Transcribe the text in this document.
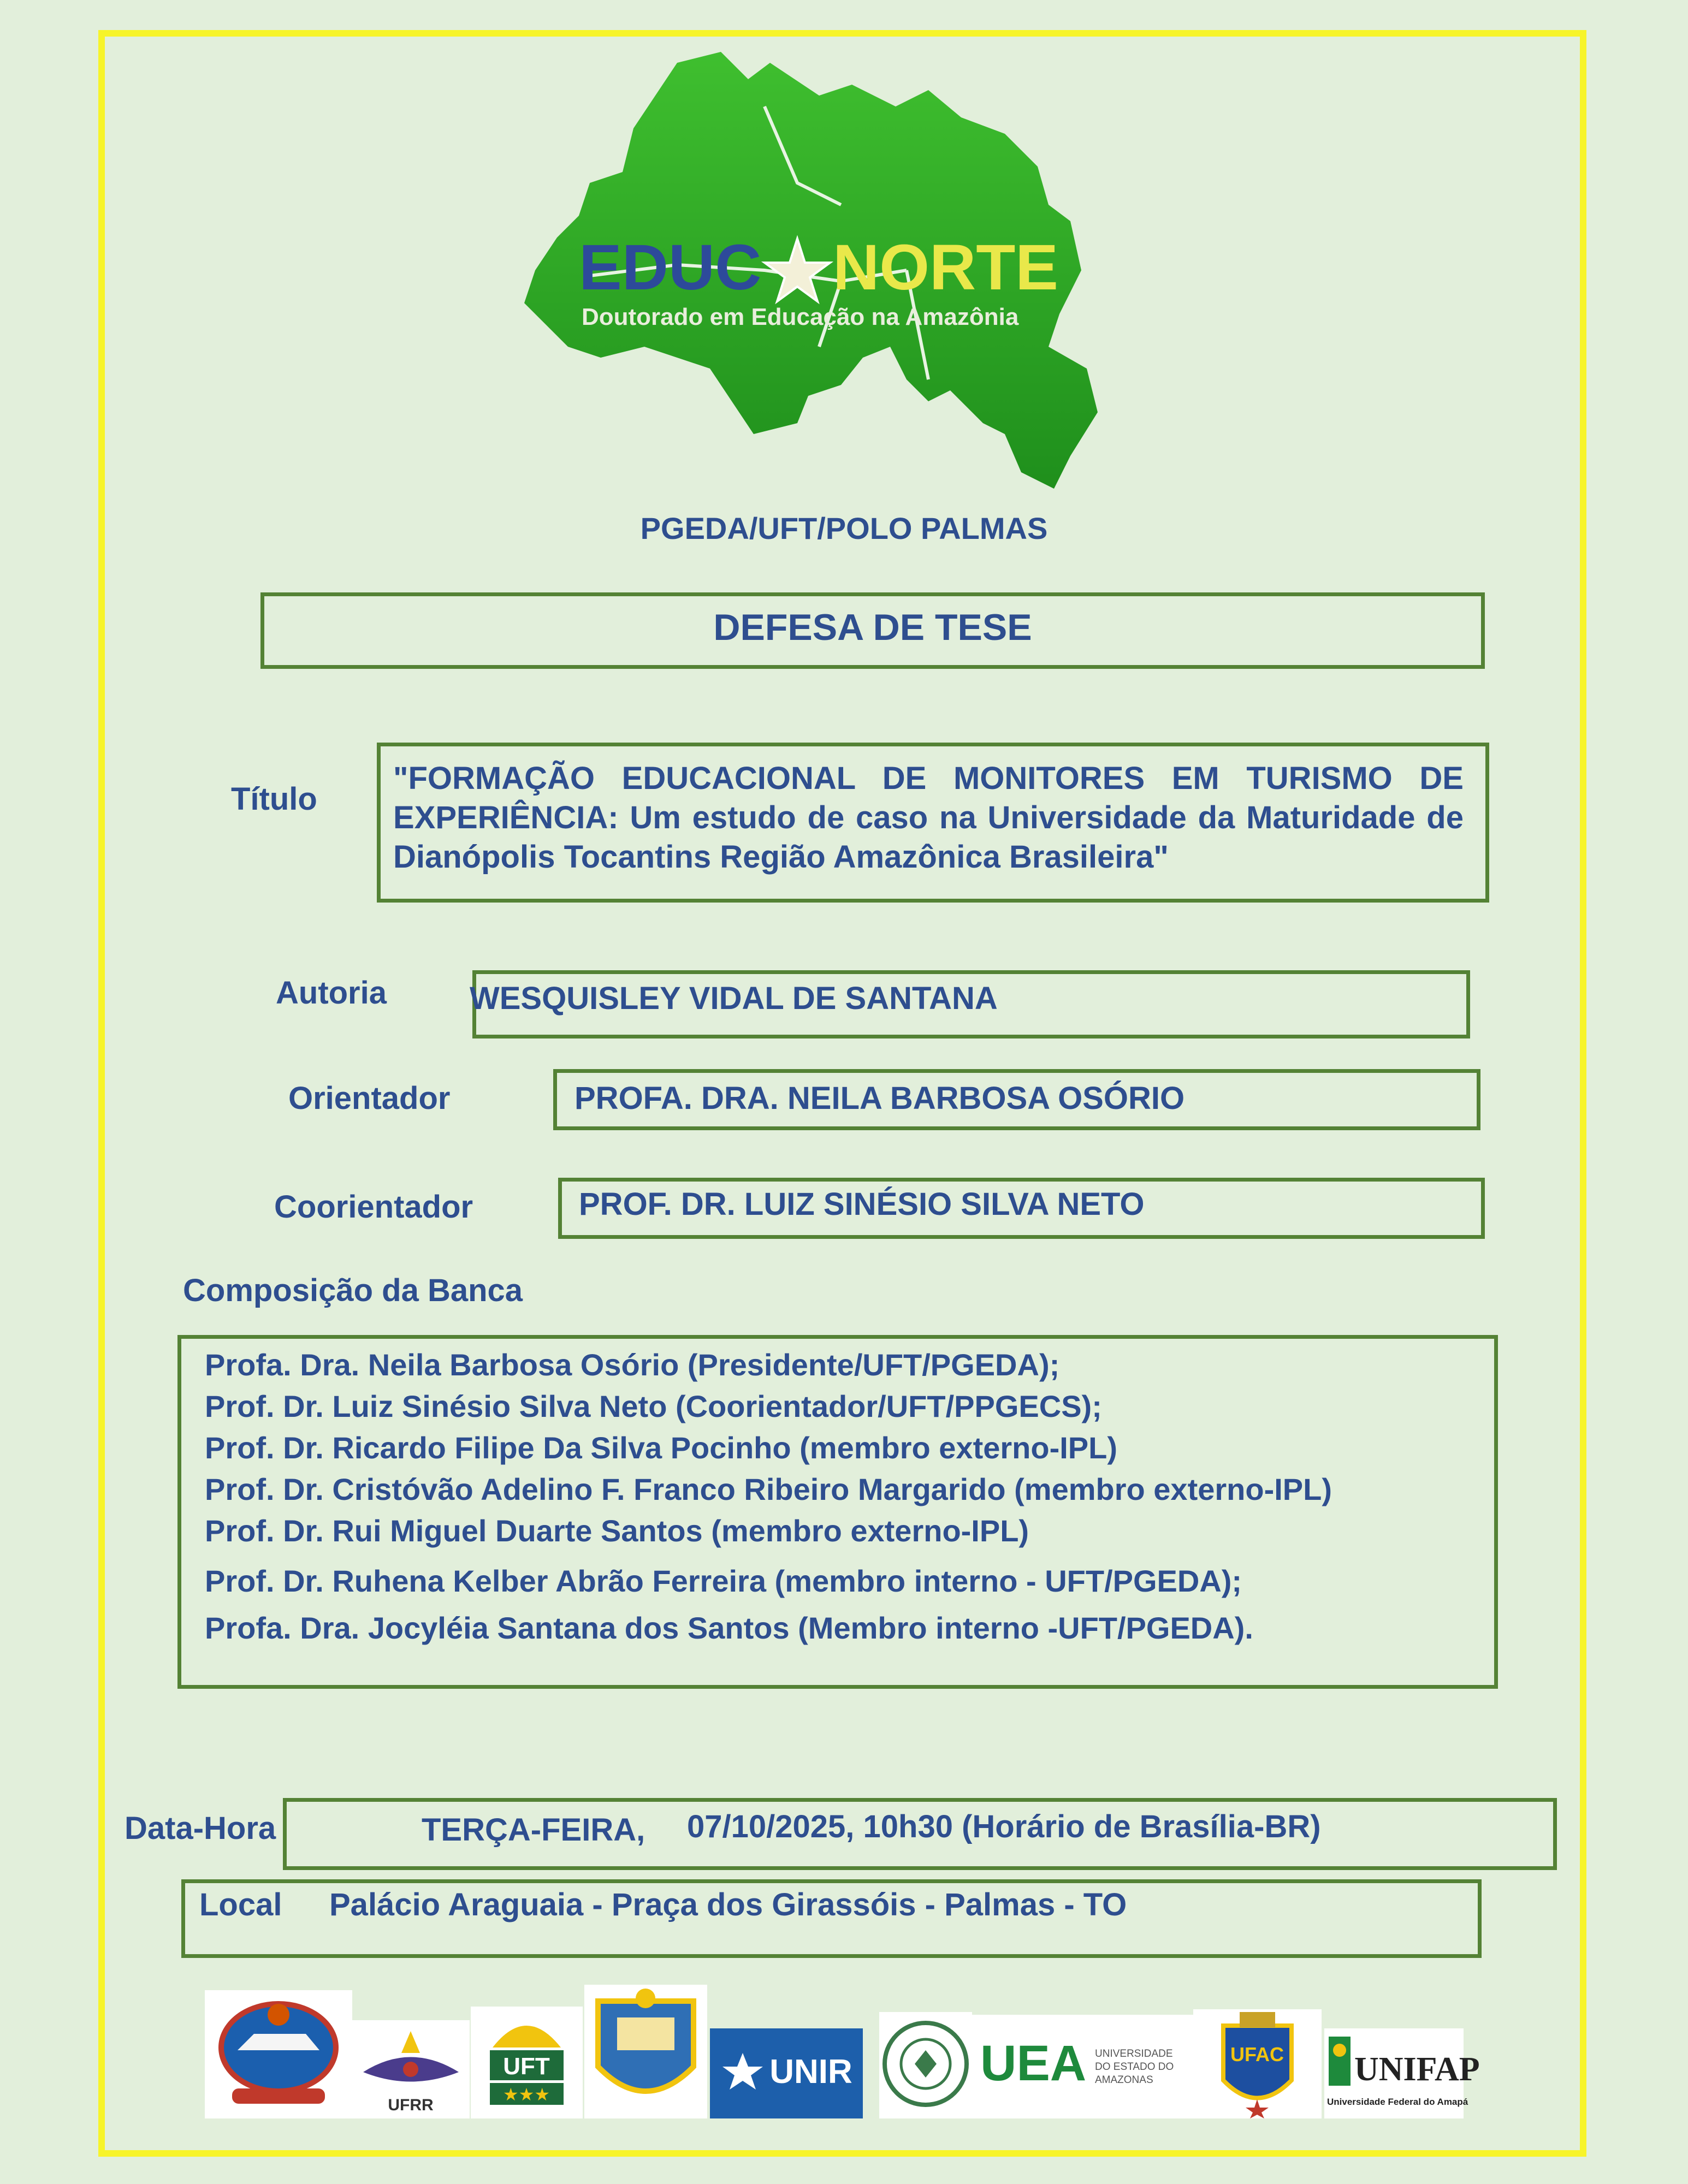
EDUC NORTE
Doutorado em Educação na Amazônia
PGEDA/UFT/POLO PALMAS
DEFESA DE TESE
Título
"FORMAÇÃO EDUCACIONAL DE MONITORES EM TURISMO DE EXPERIÊNCIA: Um estudo de caso na Universidade da Maturidade de Dianópolis Tocantins Região Amazônica Brasileira"
Autoria	WESQUISLEY VIDAL DE SANTANA
Orientador	PROFA. DRA. NEILA BARBOSA OSÓRIO
Coorientador	PROF. DR. LUIZ SINÉSIO SILVA NETO
Composição da Banca
Profa. Dra. Neila Barbosa Osório (Presidente/UFT/PGEDA);
Prof. Dr. Luiz Sinésio Silva Neto (Coorientador/UFT/PPGECS);
Prof. Dr. Ricardo Filipe Da Silva Pocinho (membro externo-IPL)
Prof. Dr. Cristóvão Adelino F. Franco Ribeiro Margarido (membro externo-IPL)
Prof. Dr. Rui Miguel Duarte Santos (membro externo-IPL)
Prof. Dr. Ruhena Kelber Abrão Ferreira (membro interno - UFT/PGEDA);
Profa. Dra. Jocyléia Santana dos Santos (Membro interno -UFT/PGEDA).
Data-Hora	TERÇA-FEIRA, 07/10/2025, 10h30 (Horário de Brasília-BR)
Local Palácio Araguaia - Praça dos Girassóis - Palmas - TO
UFRR
UFT
★★★
UNIR	UEA UNIVERSIDADE DO ESTADO DO AMAZONAS
UFAC UNIFAP
Universidade Federal do Amapá
